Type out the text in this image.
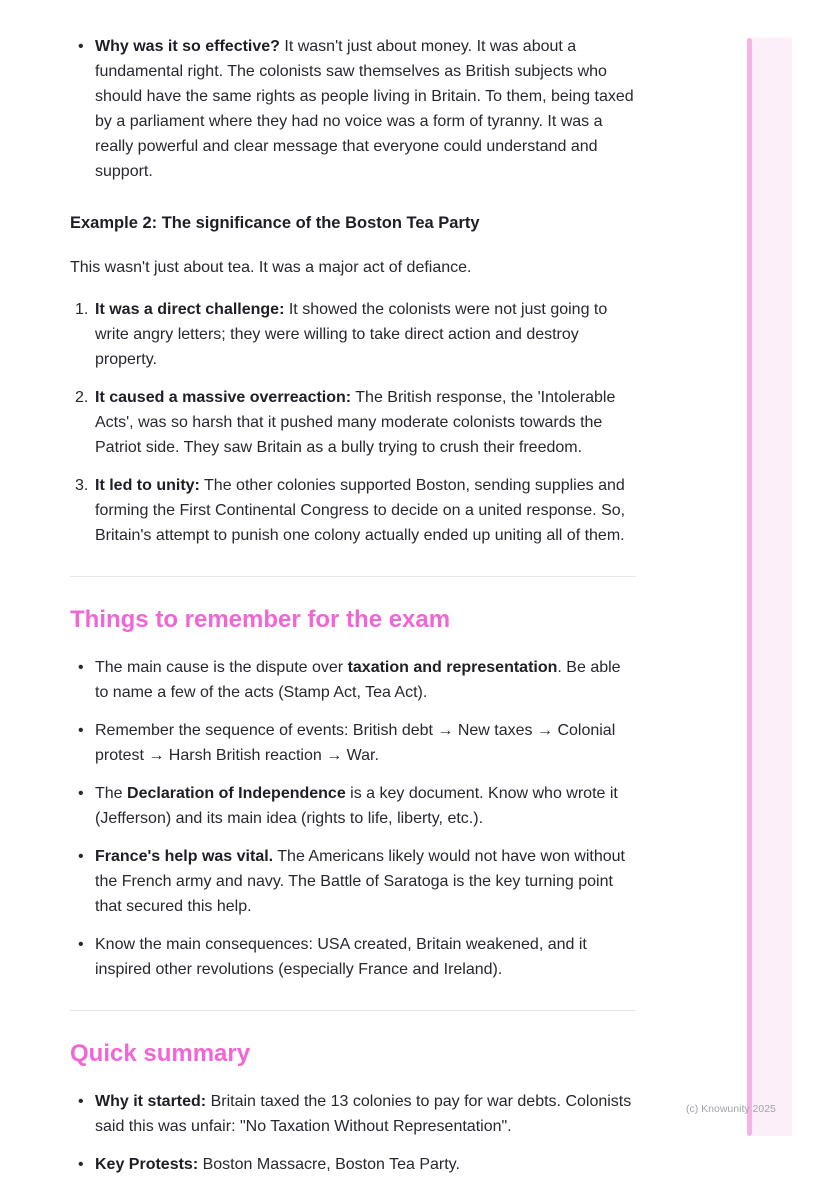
• Why was it so effective? It wasn't just about money. It was about a fundamental right. The colonists saw themselves as British subjects who should have the same rights as people living in Britain. To them, being taxed by a parliament where they had no voice was a form of tyranny. It was a really powerful and clear message that everyone could understand and support.
Example 2: The significance of the Boston Tea Party

This wasn't just about tea. It was a major act of defiance.

It was a direct challenge: It showed the colonists were not just going to write angry letters; they were willing to take direct action and destroy property.
It caused a massive overreaction: The British response, the 'Intolerable Acts', was so harsh that it pushed many moderate colonists towards the Patriot side. They saw Britain as a bully trying to crush their freedom.
It led to unity: The other colonies supported Boston, sending supplies and forming the First Continental Congress to decide on a united response. So, Britain's attempt to punish one colony actually ended up uniting all of them.
Things to remember for the exam
• The main cause is the dispute over taxation and representation. Be able to name a few of the acts (Stamp Act, Tea Act).
• Remember the sequence of events: British debt → New taxes → Colonial protest → Harsh British reaction → War.
• The Declaration of Independence is a key document. Know who wrote it (Jefferson) and its main idea (rights to life, liberty, etc.).
• France's help was vital. The Americans likely would not have won without the French army and navy. The Battle of Saratoga is the key turning point that secured this help.
• Know the main consequences: USA created, Britain weakened, and it inspired other revolutions (especially France and Ireland).
Quick summary
• Why it started: Britain taxed the 13 colonies to pay for war debts. Colonists said this was unfair: "No Taxation Without Representation".
• Key Protests: Boston Massacre, Boston Tea Party.
(c) Knowunity 2025
